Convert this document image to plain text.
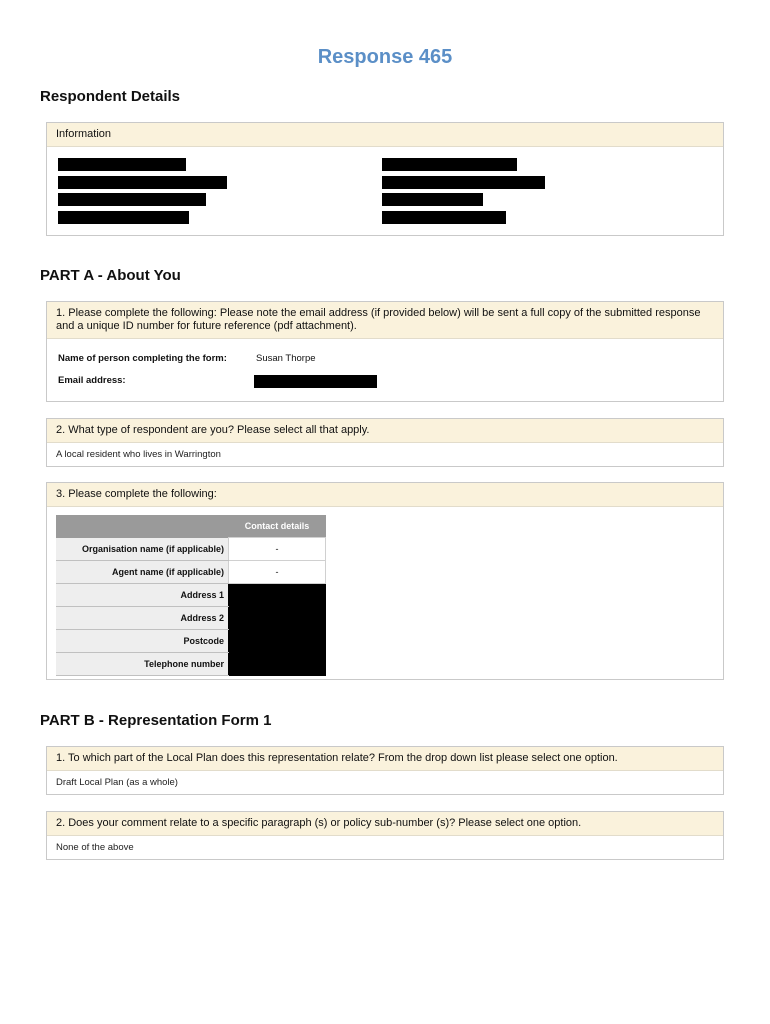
Response 465
Respondent Details
Information
PART A - About You
1. Please complete the following: Please note the email address (if provided below) will be sent a full copy of the submitted response and a unique ID number for future reference (pdf attachment).
Name of person completing the form:	Susan Thorpe
Email address:
2. What type of respondent are you? Please select all that apply.
A local resident who lives in Warrington
3. Please complete the following:
	Contact details
Organisation name (if applicable)	-
Agent name (if applicable)	-
Address 1	
Address 2	
Postcode	
Telephone number	
PART B - Representation Form 1
1. To which part of the Local Plan does this representation relate? From the drop down list please select one option.
Draft Local Plan (as a whole)
2. Does your comment relate to a specific paragraph (s) or policy sub-number (s)? Please select one option.
None of the above
